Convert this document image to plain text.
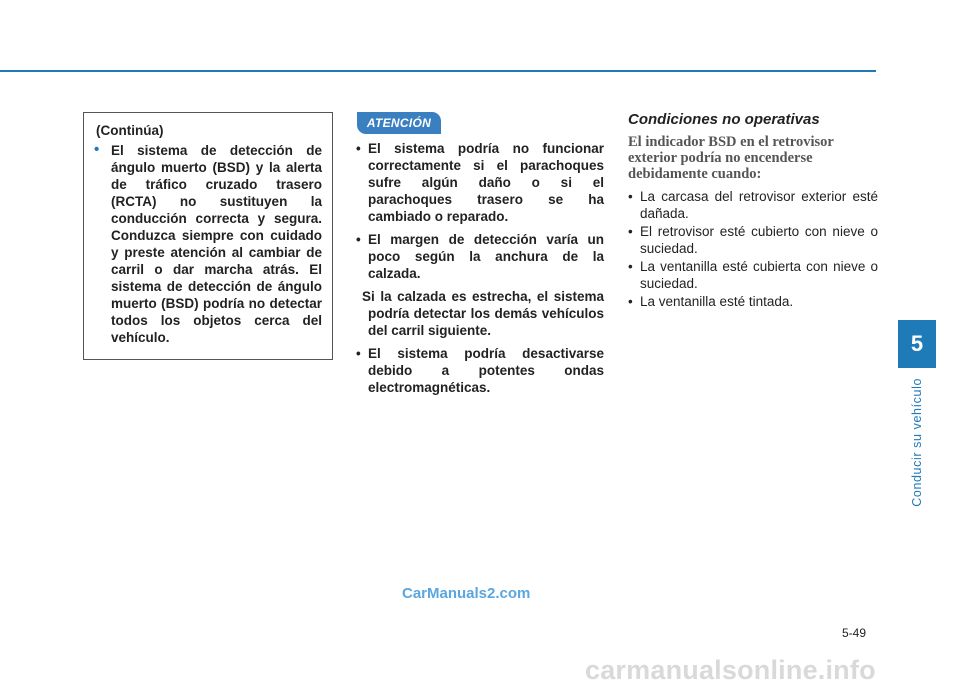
(Continúa)
• El sistema de detección de ángulo muerto (BSD) y la alerta de tráfico cruzado trasero (RCTA) no sustituyen la conducción correcta y segura. Conduzca siempre con cuidado y preste atención al cambiar de carril o dar marcha atrás. El sistema de detección de ángulo muerto (BSD) podría no detectar todos los objetos cerca del vehículo.
ATENCIÓN
• El sistema podría no funcionar correctamente si el parachoques sufre algún daño o si el parachoques trasero se ha cambiado o reparado.
• El margen de detección varía un poco según la anchura de la calzada.
Si la calzada es estrecha, el sistema podría detectar los demás vehículos del carril siguiente.
• El sistema podría desactivarse debido a potentes ondas electromagnéticas.
Condiciones no operativas
El indicador BSD en el retrovisor exterior podría no encenderse debidamente cuando:
• La carcasa del retrovisor exterior esté dañada.
• El retrovisor esté cubierto con nieve o suciedad.
• La ventanilla esté cubierta con nieve o suciedad.
• La ventanilla esté tintada.
5
Conducir su vehículo
5-49
CarManuals2.com
carmanualsonline.info
